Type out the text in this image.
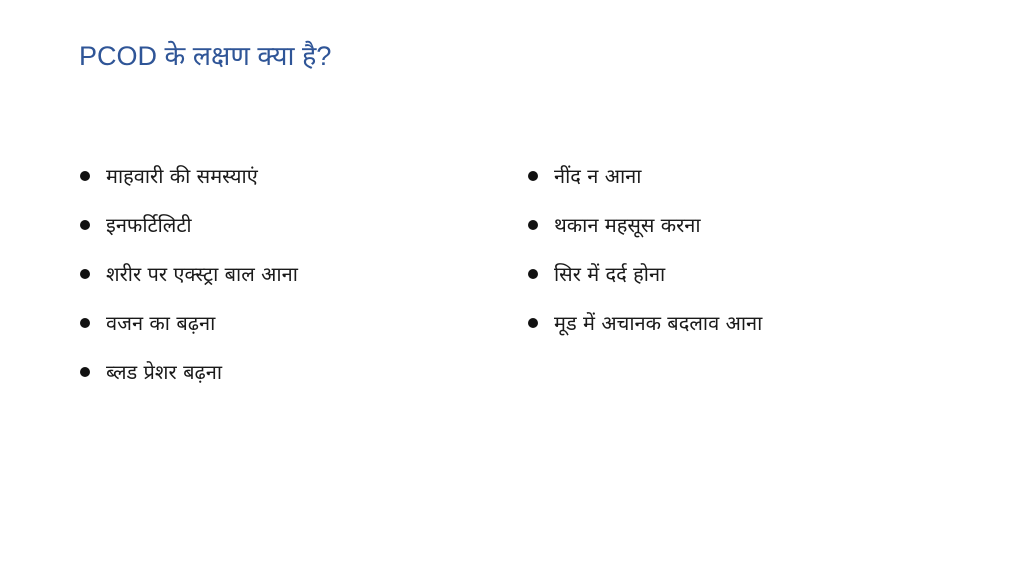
PCOD के लक्षण क्या है?
माहवारी की समस्याएं
इनफर्टिलिटी
शरीर पर एक्स्ट्रा बाल आना
वजन का बढ़ना
ब्लड प्रेशर बढ़ना
नींद न आना
थकान महसूस करना
सिर में दर्द होना
मूड में अचानक बदलाव आना
